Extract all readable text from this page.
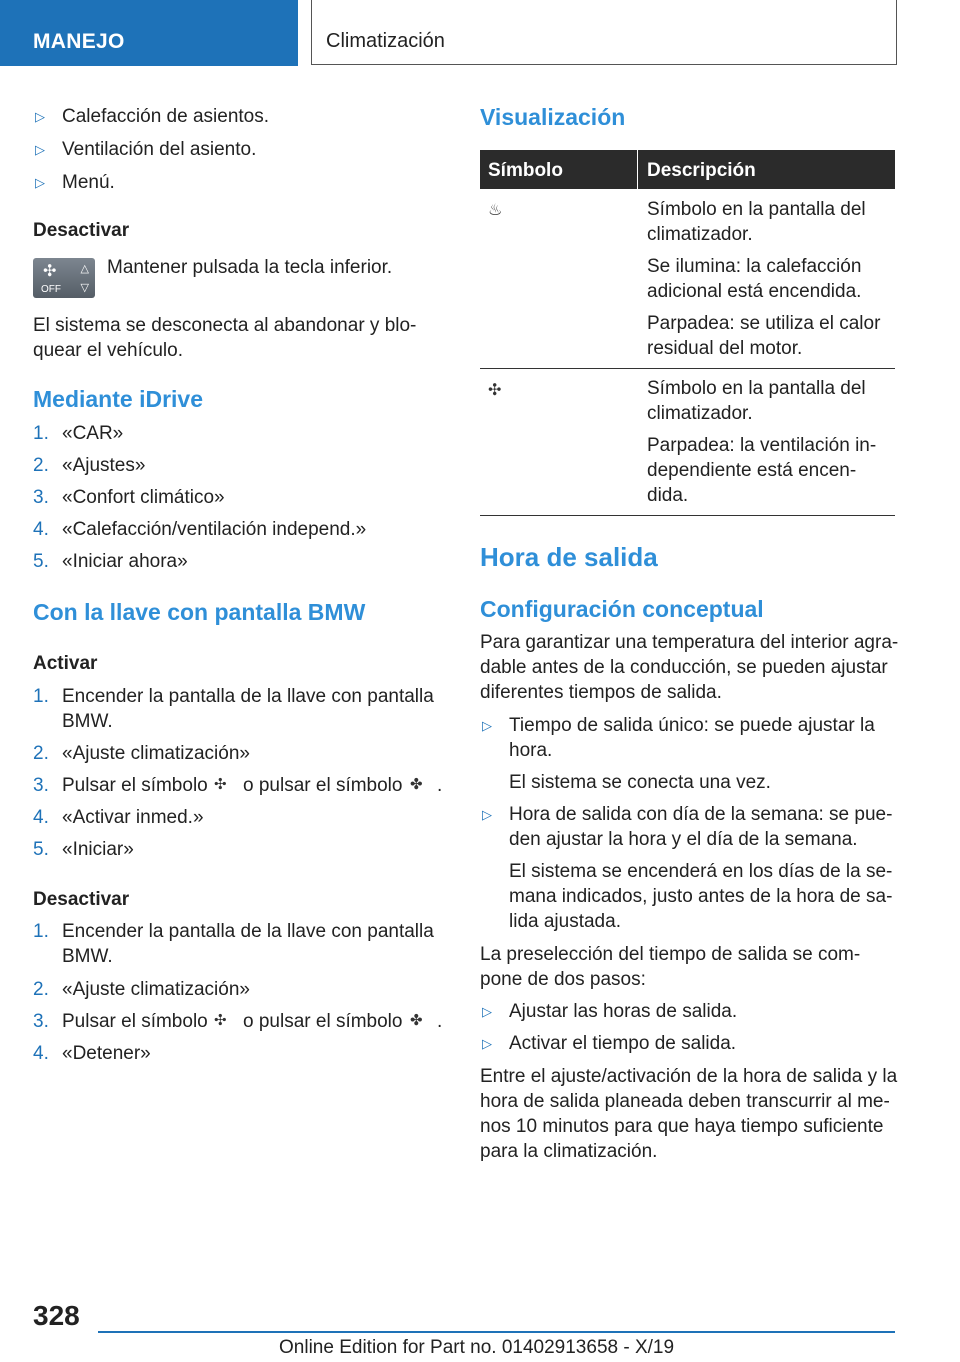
MANEJO	Climatización
▷ Calefacción de asientos.
▷ Ventilación del asiento.
▷ Menú.
Desactivar
✣ △
OFF ▽
Mantener pulsada la tecla inferior.
El sistema se desconecta al abandonar y blo-
quear el vehículo.
Mediante iDrive
1. «CAR»
2. «Ajustes»
3. «Confort climático»
4. «Calefacción/ventilación independ.»
5. «Iniciar ahora»
Con la llave con pantalla BMW
Activar
1. Encender la pantalla de la llave con pantalla
BMW.
2. «Ajuste climatización»
3. Pulsar el símbolo ✣ o pulsar el símbolo ✤ .
4. «Activar inmed.»
5. «Iniciar»
Desactivar
1. Encender la pantalla de la llave con pantalla
BMW.
2. «Ajuste climatización»
3. Pulsar el símbolo ✣ o pulsar el símbolo ✤ .
4. «Detener»
Visualización
Símbolo	Descripción
♨	Símbolo en la pantalla del
climatizador.
Se ilumina: la calefacción
adicional está encendida.
Parpadea: se utiliza el calor
residual del motor.
✣	Símbolo en la pantalla del
climatizador.
Parpadea: la ventilación in-
dependiente está encen-
dida.
Hora de salida
Configuración conceptual
Para garantizar una temperatura del interior agra-
dable antes de la conducción, se pueden ajustar
diferentes tiempos de salida.
▷ Tiempo de salida único: se puede ajustar la
hora.
El sistema se conecta una vez.
▷ Hora de salida con día de la semana: se pue-
den ajustar la hora y el día de la semana.
El sistema se encenderá en los días de la se-
mana indicados, justo antes de la hora de sa-
lida ajustada.
La preselección del tiempo de salida se com-
pone de dos pasos:
▷ Ajustar las horas de salida.
▷ Activar el tiempo de salida.
Entre el ajuste/activación de la hora de salida y la
hora de salida planeada deben transcurrir al me-
nos 10 minutos para que haya tiempo suficiente
para la climatización.
328
Online Edition for Part no. 01402913658 - X/19
